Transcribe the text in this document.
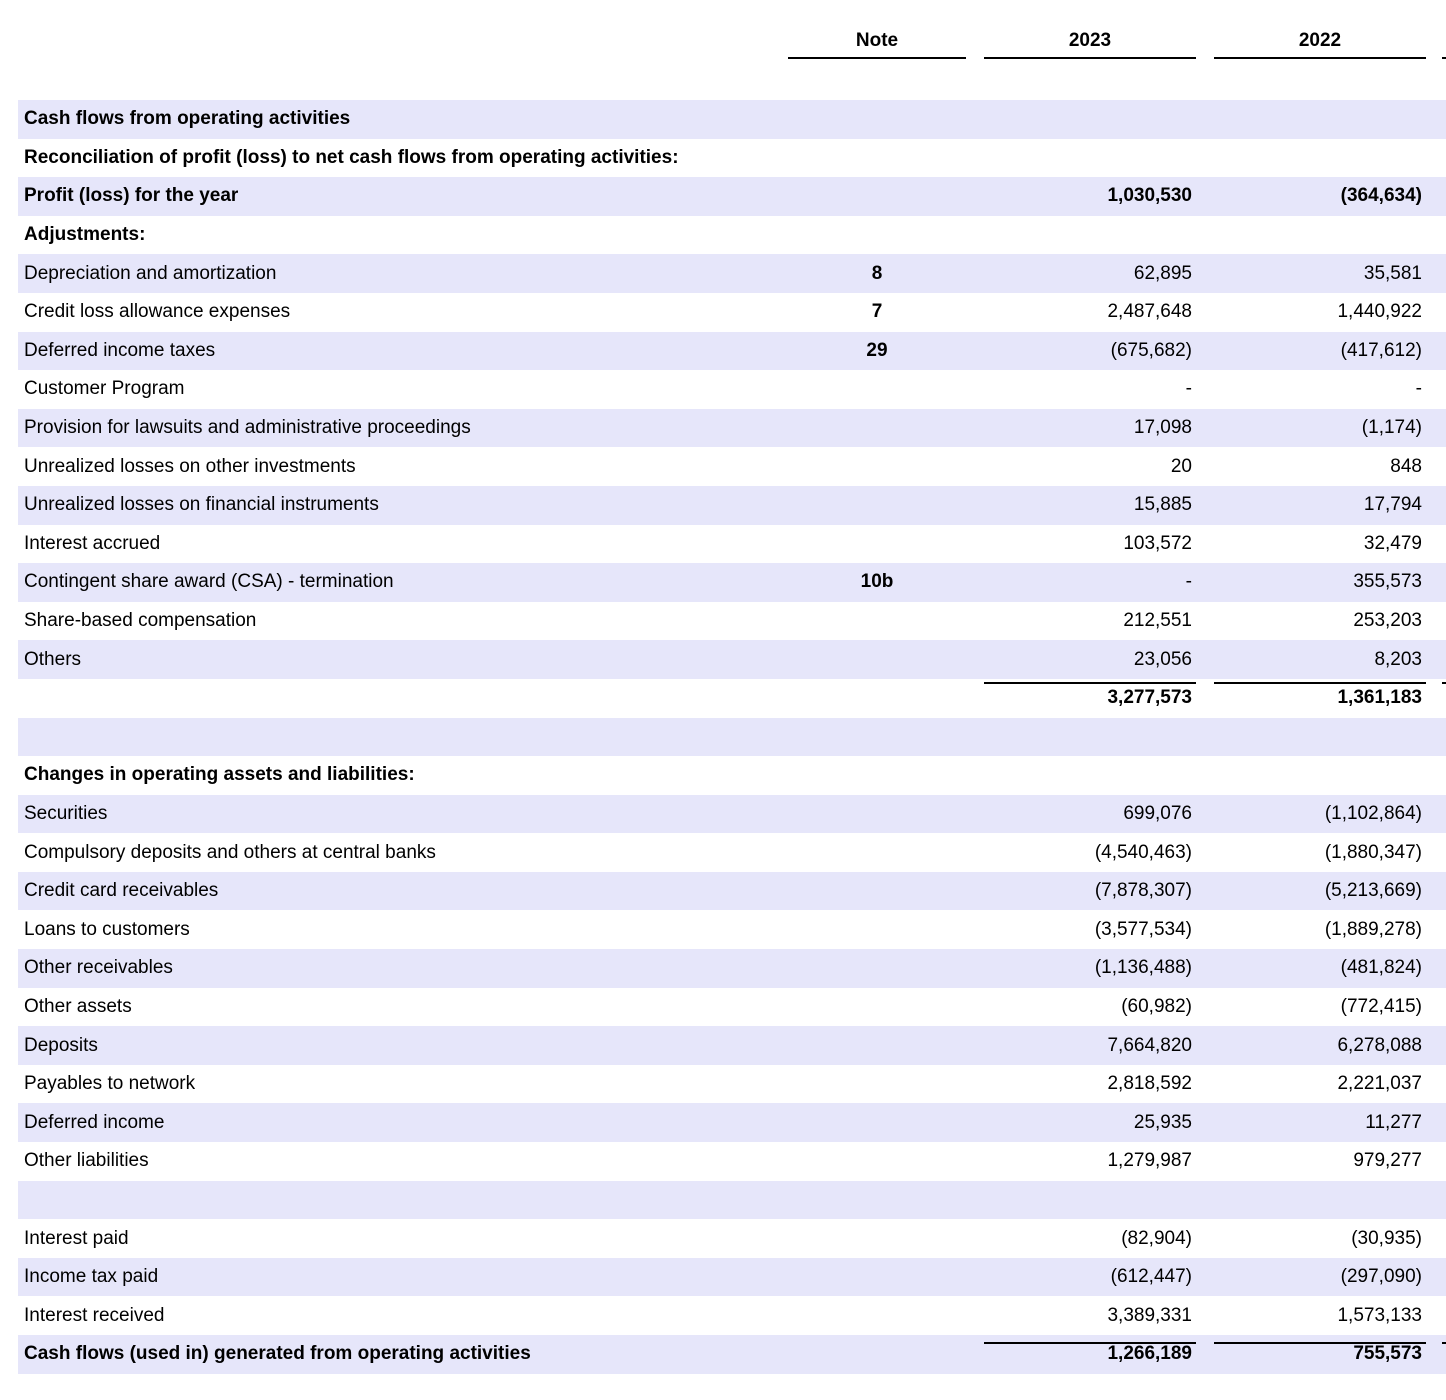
Note	2023	2022
Cash flows from operating activities
Reconciliation of profit (loss) to net cash flows from operating activities:
Profit (loss) for the year	1,030,530	(364,634)
Adjustments:
Depreciation and amortization	8	62,895	35,581
Credit loss allowance expenses	7	2,487,648	1,440,922
Deferred income taxes	29	(675,682)	(417,612)
Customer Program	-	-
Provision for lawsuits and administrative proceedings	17,098	(1,174)
Unrealized losses on other investments	20	848
Unrealized losses on financial instruments	15,885	17,794
Interest accrued	103,572	32,479
Contingent share award (CSA) - termination	10b	-	355,573
Share-based compensation	212,551	253,203
Others	23,056	8,203
3,277,573	1,361,183
Changes in operating assets and liabilities:
Securities	699,076	(1,102,864)
Compulsory deposits and others at central banks	(4,540,463)	(1,880,347)
Credit card receivables	(7,878,307)	(5,213,669)
Loans to customers	(3,577,534)	(1,889,278)
Other receivables	(1,136,488)	(481,824)
Other assets	(60,982)	(772,415)
Deposits	7,664,820	6,278,088
Payables to network	2,818,592	2,221,037
Deferred income	25,935	11,277
Other liabilities	1,279,987	979,277
Interest paid	(82,904)	(30,935)
Income tax paid	(612,447)	(297,090)
Interest received	3,389,331	1,573,133
Cash flows (used in) generated from operating activities	1,266,189	755,573
